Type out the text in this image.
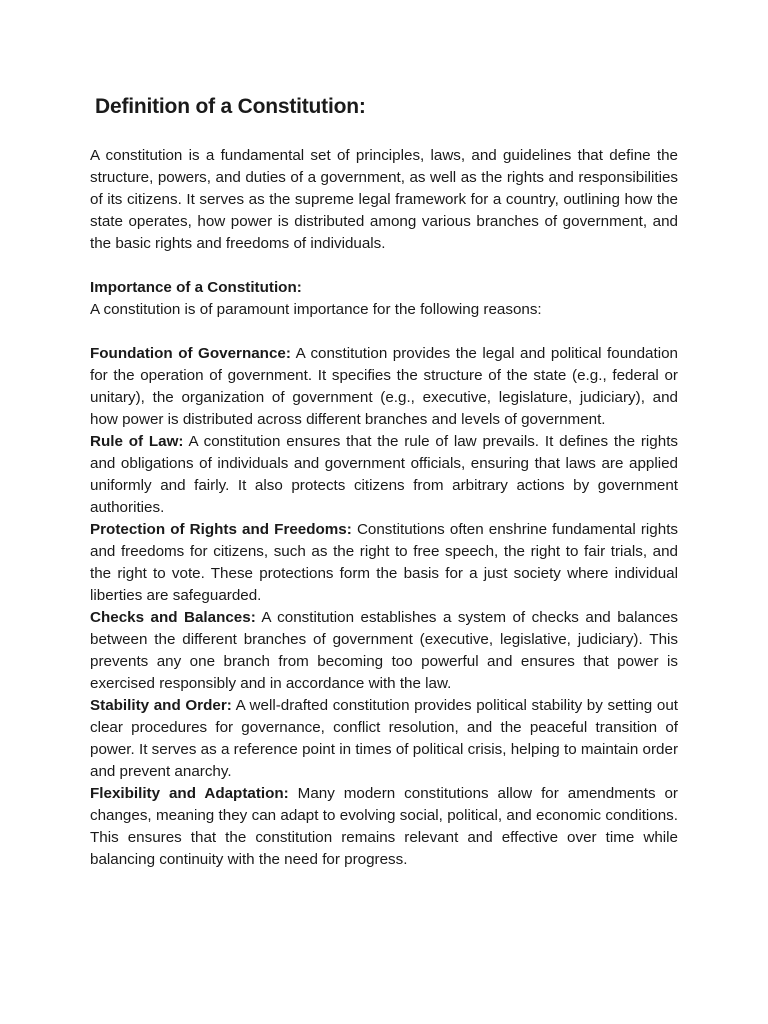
Definition of a Constitution:

A constitution is a fundamental set of principles, laws, and guidelines that define the structure, powers, and duties of a government, as well as the rights and responsibilities of its citizens. It serves as the supreme legal framework for a country, outlining how the state operates, how power is distributed among various branches of government, and the basic rights and freedoms of individuals.

Importance of a Constitution:

A constitution is of paramount importance for the following reasons:

Foundation of Governance: A constitution provides the legal and political foundation for the operation of government. It specifies the structure of the state (e.g., federal or unitary), the organization of government (e.g., executive, legislature, judiciary), and how power is distributed across different branches and levels of government.

Rule of Law: A constitution ensures that the rule of law prevails. It defines the rights and obligations of individuals and government officials, ensuring that laws are applied uniformly and fairly. It also protects citizens from arbitrary actions by government authorities.

Protection of Rights and Freedoms: Constitutions often enshrine fundamental rights and freedoms for citizens, such as the right to free speech, the right to fair trials, and the right to vote. These protections form the basis for a just society where individual liberties are safeguarded.

Checks and Balances: A constitution establishes a system of checks and balances between the different branches of government (executive, legislative, judiciary). This prevents any one branch from becoming too powerful and ensures that power is exercised responsibly and in accordance with the law.

Stability and Order: A well-drafted constitution provides political stability by setting out clear procedures for governance, conflict resolution, and the peaceful transition of power. It serves as a reference point in times of political crisis, helping to maintain order and prevent anarchy.

Flexibility and Adaptation: Many modern constitutions allow for amendments or changes, meaning they can adapt to evolving social, political, and economic conditions. This ensures that the constitution remains relevant and effective over time while balancing continuity with the need for progress.
